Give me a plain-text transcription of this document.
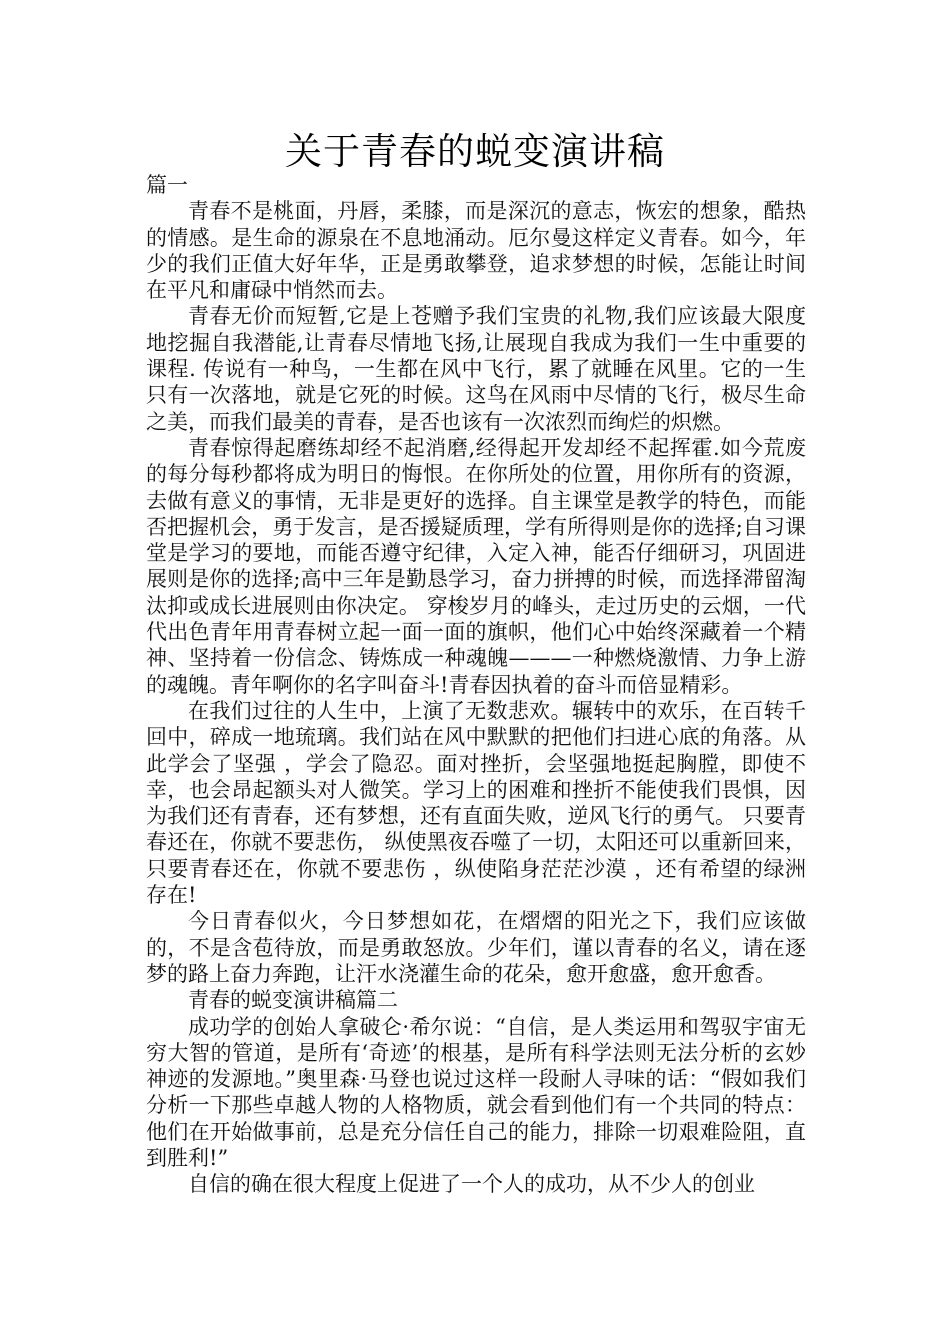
关于青春的蜕变演讲稿

篇一

青春不是桃面，丹唇，柔膝，而是深沉的意志，恢宏的想象，酷热的情感。是生命的源泉在不息地涌动。厄尔曼这样定义青春。如今，年少的我们正值大好年华，正是勇敢攀登，追求梦想的时候，怎能让时间在平凡和庸碌中悄然而去。

青春无价而短暂,它是上苍赠予我们宝贵的礼物,我们应该最大限度地挖掘自我潜能,让青春尽情地飞扬,让展现自我成为我们一生中重要的课程. 传说有一种鸟，一生都在风中飞行，累了就睡在风里。它的一生只有一次落地，就是它死的时候。这鸟在风雨中尽情的飞行，极尽生命之美，而我们最美的青春，是否也该有一次浓烈而绚烂的炽燃。

青春惊得起磨练却经不起消磨,经得起开发却经不起挥霍.如今荒废的每分每秒都将成为明日的悔恨。在你所处的位置，用你所有的资源，去做有意义的事情，无非是更好的选择。自主课堂是教学的特色，而能否把握机会，勇于发言，是否援疑质理，学有所得则是你的选择;自习课堂是学习的要地，而能否遵守纪律，入定入神，能否仔细研习，巩固进展则是你的选择;高中三年是勤恳学习，奋力拼搏的时候，而选择滞留淘汰抑或成长进展则由你决定。 穿梭岁月的峰头，走过历史的云烟，一代代出色青年用青春树立起一面一面的旗帜，他们心中始终深藏着一个精神、坚持着一份信念、铸炼成一种魂魄———一种燃烧激情、力争上游的魂魄。青年啊你的名字叫奋斗!青春因执着的奋斗而倍显精彩。

在我们过往的人生中，上演了无数悲欢。辗转中的欢乐，在百转千回中，碎成一地琉璃。我们站在风中默默的把他们扫进心底的角落。从此学会了坚强 ，学会了隐忍。面对挫折，会坚强地挺起胸膛，即使不幸，也会昂起额头对人微笑。学习上的困难和挫折不能使我们畏惧，因为我们还有青春，还有梦想，还有直面失败，逆风飞行的勇气。 只要青春还在，你就不要悲伤， 纵使黑夜吞噬了一切，太阳还可以重新回来，只要青春还在，你就不要悲伤 ，纵使陷身茫茫沙漠 ，还有希望的绿洲存在!

今日青春似火，今日梦想如花，在熠熠的阳光之下，我们应该做的，不是含苞待放，而是勇敢怒放。少年们，谨以青春的名义，请在逐梦的路上奋力奔跑，让汗水浇灌生命的花朵，愈开愈盛，愈开愈香。

青春的蜕变演讲稿篇二

成功学的创始人拿破仑·希尔说：“自信，是人类运用和驾驭宇宙无穷大智的管道，是所有‘奇迹’的根基，是所有科学法则无法分析的玄妙神迹的发源地。”奥里森·马登也说过这样一段耐人寻味的话：“假如我们分析一下那些卓越人物的人格物质，就会看到他们有一个共同的特点：他们在开始做事前，总是充分信任自己的能力，排除一切艰难险阻，直到胜利!”

自信的确在很大程度上促进了一个人的成功，从不少人的创业
